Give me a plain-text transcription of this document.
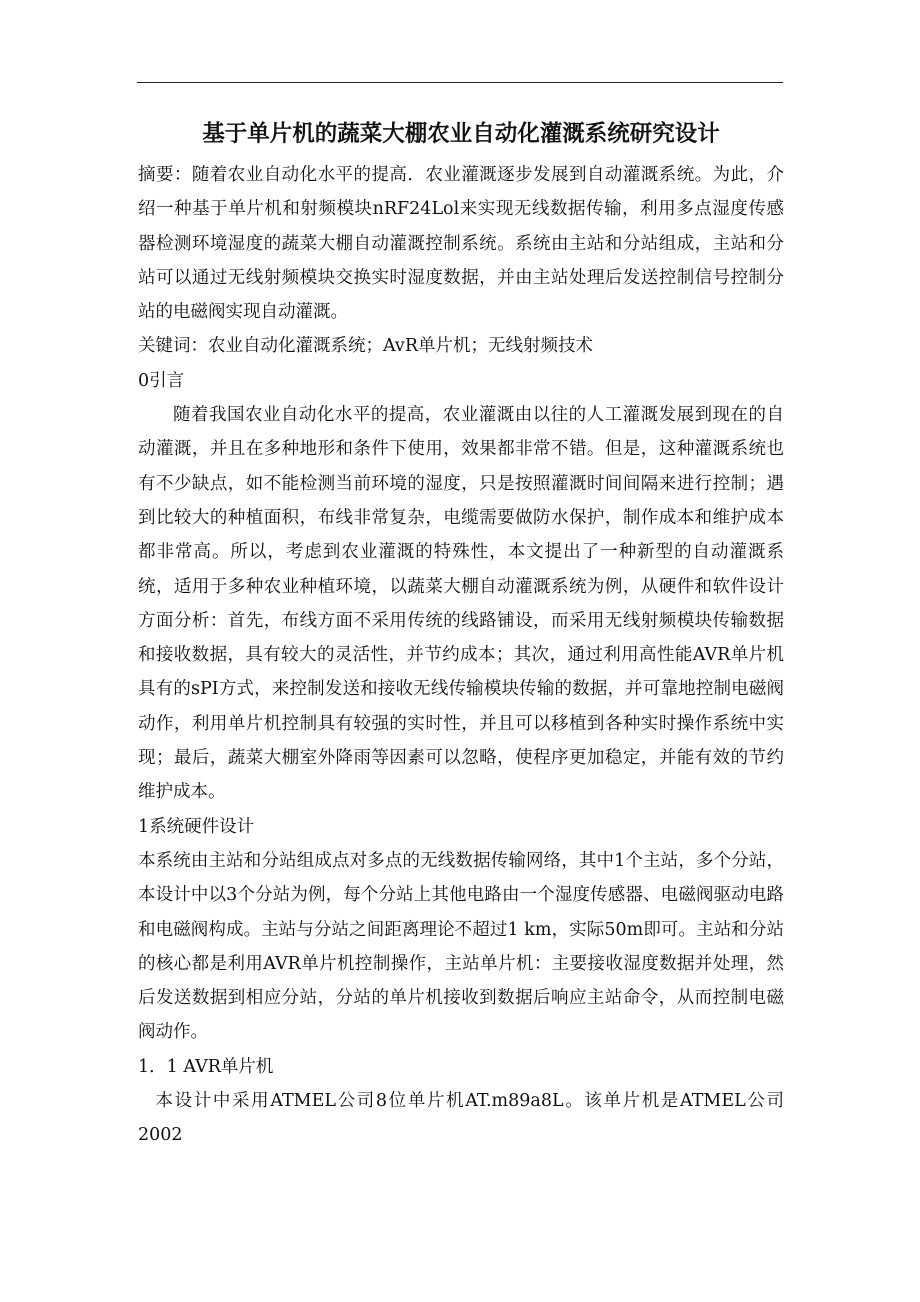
基于单片机的蔬菜大棚农业自动化灌溉系统研究设计

摘要：随着农业自动化水平的提高．农业灌溉逐步发展到自动灌溉系统。为此，介绍一种基于单片机和射频模块nRF24Lol来实现无线数据传输，利用多点湿度传感器检测环境湿度的蔬菜大棚自动灌溉控制系统。系统由主站和分站组成，主站和分站可以通过无线射频模块交换实时湿度数据，并由主站处理后发送控制信号控制分站的电磁阀实现自动灌溉。

关键词：农业自动化灌溉系统；AvR单片机；无线射频技术

0引言

随着我国农业自动化水平的提高，农业灌溉由以往的人工灌溉发展到现在的自动灌溉，并且在多种地形和条件下使用，效果都非常不错。但是，这种灌溉系统也有不少缺点，如不能检测当前环境的湿度，只是按照灌溉时间间隔来进行控制；遇到比较大的种植面积，布线非常复杂，电缆需要做防水保护，制作成本和维护成本都非常高。所以，考虑到农业灌溉的特殊性，本文提出了一种新型的自动灌溉系统，适用于多种农业种植环境，以蔬菜大棚自动灌溉系统为例，从硬件和软件设计方面分析：首先，布线方面不采用传统的线路铺设，而采用无线射频模块传输数据和接收数据，具有较大的灵活性，并节约成本；其次，通过利用高性能AVR单片机具有的sPI方式，来控制发送和接收无线传输模块传输的数据，并可靠地控制电磁阀动作，利用单片机控制具有较强的实时性，并且可以移植到各种实时操作系统中实现；最后，蔬菜大棚室外降雨等因素可以忽略，使程序更加稳定，并能有效的节约维护成本。

1系统硬件设计

本系统由主站和分站组成点对多点的无线数据传输网络，其中1个主站，多个分站，本设计中以3个分站为例，每个分站上其他电路由一个湿度传感器、电磁阀驱动电路和电磁阀构成。主站与分站之间距离理论不超过1 km，实际50m即可。主站和分站的核心都是利用AVR单片机控制操作，主站单片机：主要接收湿度数据并处理，然后发送数据到相应分站，分站的单片机接收到数据后响应主站命令，从而控制电磁阀动作。

1．1 AVR单片机

本设计中采用ATMEL公司8位单片机AT.m89a8L。该单片机是ATMEL公司2002
